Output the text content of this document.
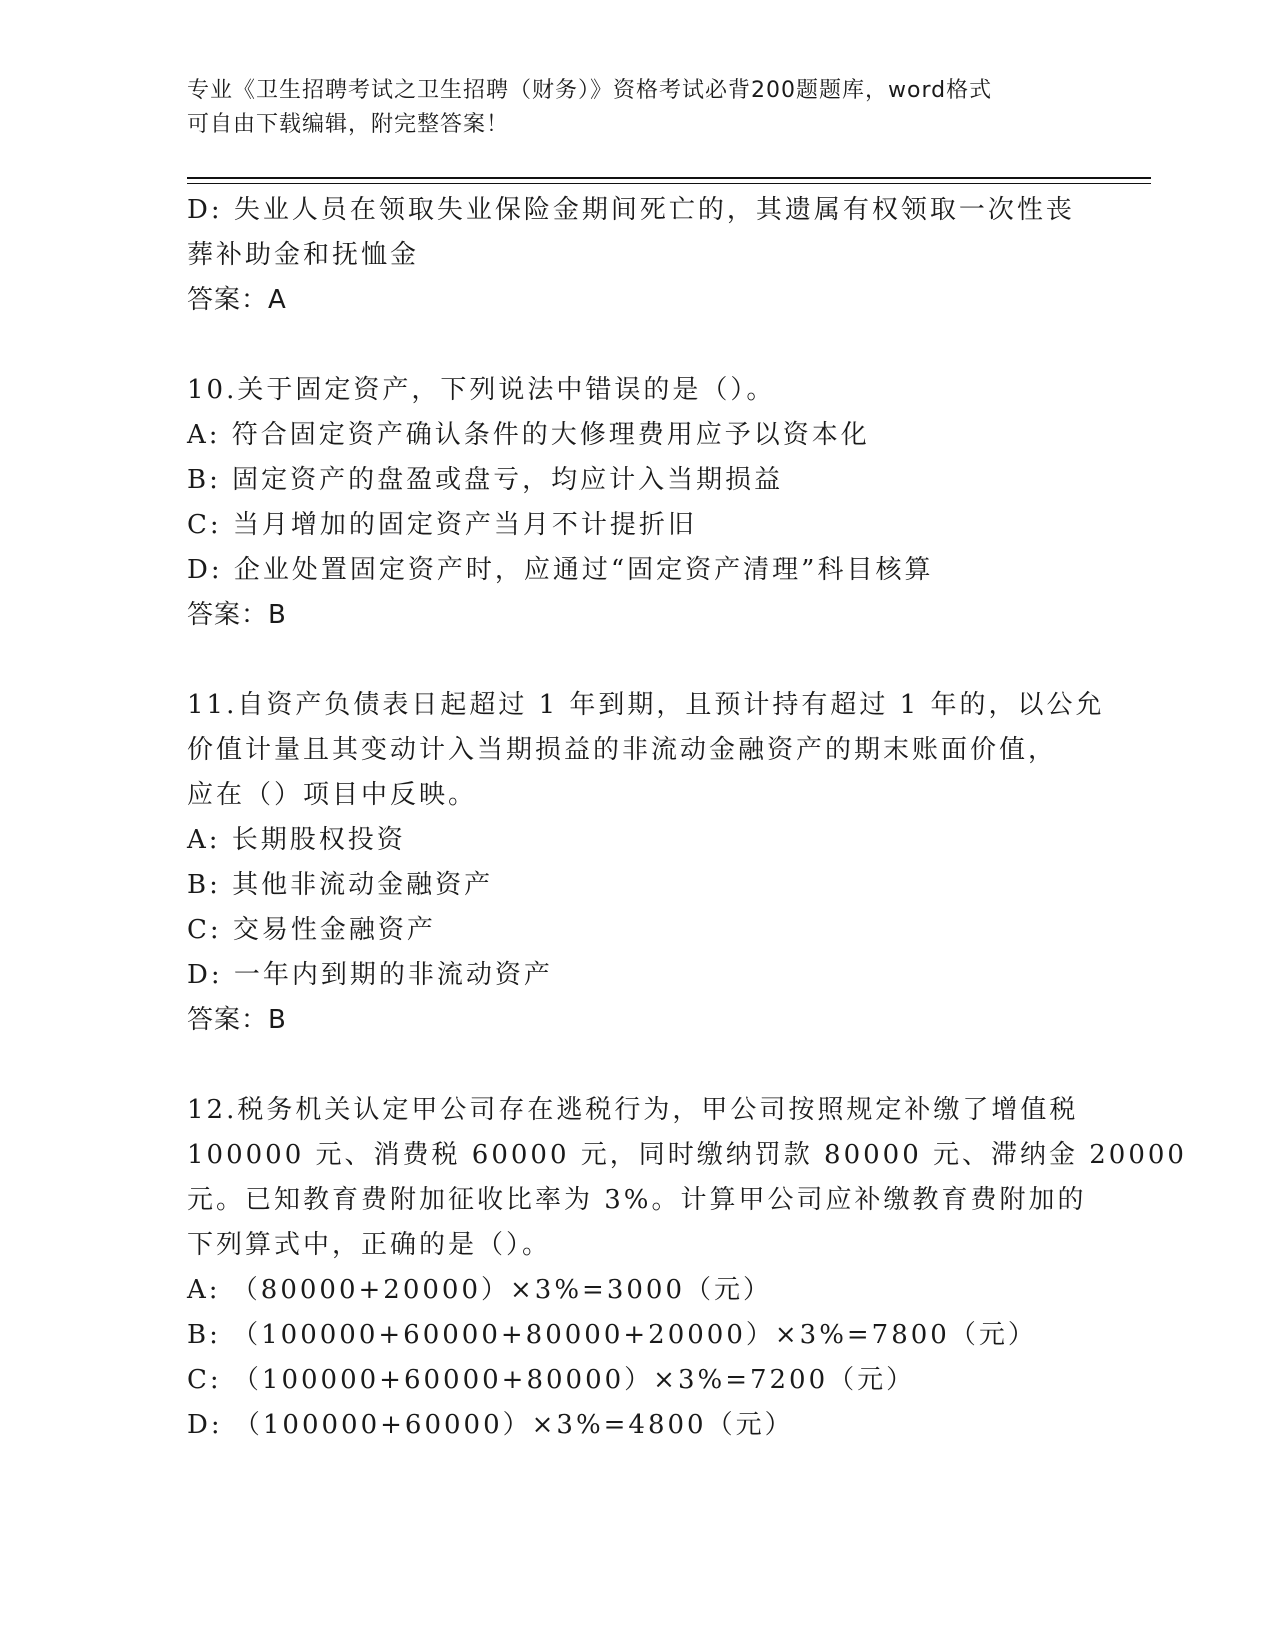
专业《卫生招聘考试之卫生招聘（财务）》资格考试必背200题题库，word格式
可自由下载编辑，附完整答案！
D: 失业人员在领取失业保险金期间死亡的，其遗属有权领取一次性丧
葬补助金和抚恤金
答案：A
10.关于固定资产，下列说法中错误的是（）。
A: 符合固定资产确认条件的大修理费用应予以资本化
B: 固定资产的盘盈或盘亏，均应计入当期损益
C: 当月增加的固定资产当月不计提折旧
D: 企业处置固定资产时，应通过“固定资产清理”科目核算
答案：B
11.自资产负债表日起超过 1 年到期，且预计持有超过 1 年的，以公允
价值计量且其变动计入当期损益的非流动金融资产的期末账面价值，
应在（）项目中反映。
A: 长期股权投资
B: 其他非流动金融资产
C: 交易性金融资产
D: 一年内到期的非流动资产
答案：B
12.税务机关认定甲公司存在逃税行为，甲公司按照规定补缴了增值税
100000 元、消费税 60000 元，同时缴纳罚款 80000 元、滞纳金 20000
元。已知教育费附加征收比率为 3%。计算甲公司应补缴教育费附加的
下列算式中，正确的是（）。
A: （80000+20000）×3%=3000（元）
B: （100000+60000+80000+20000）×3%=7800（元）
C: （100000+60000+80000）×3%=7200（元）
D: （100000+60000）×3%=4800（元）
